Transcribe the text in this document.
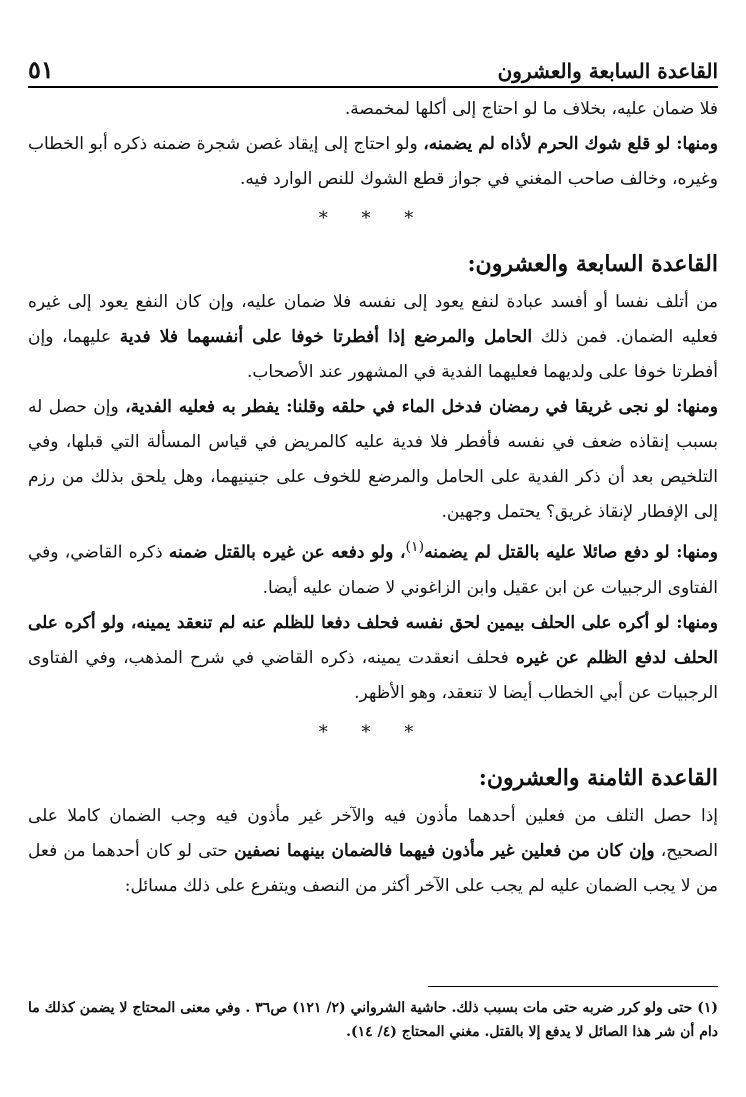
القاعدة السابعة والعشرون
٥١

فلا ضمان عليه، بخلاف ما لو احتاج إلى أكلها لمخمصة.

ومنها: لو قلع شوك الحرم لأذاه لم يضمنه، ولو احتاج إلى إيقاد غصن شجرة ضمنه ذكره أبو الخطاب وغيره، وخالف صاحب المغني في جواز قطع الشوك للنص الوارد فيه.

* * *

القاعدة السابعة والعشرون:

من أتلف نفسا أو أفسد عبادة لنفع يعود إلى نفسه فلا ضمان عليه، وإن كان النفع يعود إلى غيره فعليه الضمان. فمن ذلك الحامل والمرضع إذا أفطرتا خوفا على أنفسهما فلا فدية عليهما، وإن أفطرتا خوفا على ولديهما فعليهما الفدية في المشهور عند الأصحاب.

ومنها: لو نجى غريقا في رمضان فدخل الماء في حلقه وقلنا: يفطر به فعليه الفدية، وإن حصل له بسبب إنقاذه ضعف في نفسه فأفطر فلا فدية عليه كالمريض في قياس المسألة التي قبلها، وفي التلخيص بعد أن ذكر الفدية على الحامل والمرضع للخوف على جنينيهما، وهل يلحق بذلك من رزم إلى الإفطار لإنقاذ غريق؟ يحتمل وجهين.

ومنها: لو دفع صائلا عليه بالقتل لم يضمنه$^{(١)}$، ولو دفعه عن غيره بالقتل ضمنه ذكره القاضي، وفي الفتاوى الرجبيات عن ابن عقيل وابن الزاغوني لا ضمان عليه أيضا.

ومنها: لو أكره على الحلف بيمين لحق نفسه فحلف دفعا للظلم عنه لم تنعقد يمينه، ولو أكره على الحلف لدفع الظلم عن غيره فحلف انعقدت يمينه، ذكره القاضي في شرح المذهب، وفي الفتاوى الرجبيات عن أبي الخطاب أيضا لا تنعقد، وهو الأظهر.

* * *

القاعدة الثامنة والعشرون:

إذا حصل التلف من فعلين أحدهما مأذون فيه والآخر غير مأذون فيه وجب الضمان كاملا على الصحيح، وإن كان من فعلين غير مأذون فيهما فالضمان بينهما نصفين حتى لو كان أحدهما من فعل من لا يجب الضمان عليه لم يجب على الآخر أكثر من النصف ويتفرع على ذلك مسائل:

(١) حتى ولو كرر ضربه حتى مات بسبب ذلك. حاشية الشرواني (٢/ ١٢١) ص٣٦ . وفي معنى المحتاج لا يضمن كذلك ما دام أن شر هذا الصائل لا يدفع إلا بالقتل. مغني المحتاج (٤/ ١٤).
